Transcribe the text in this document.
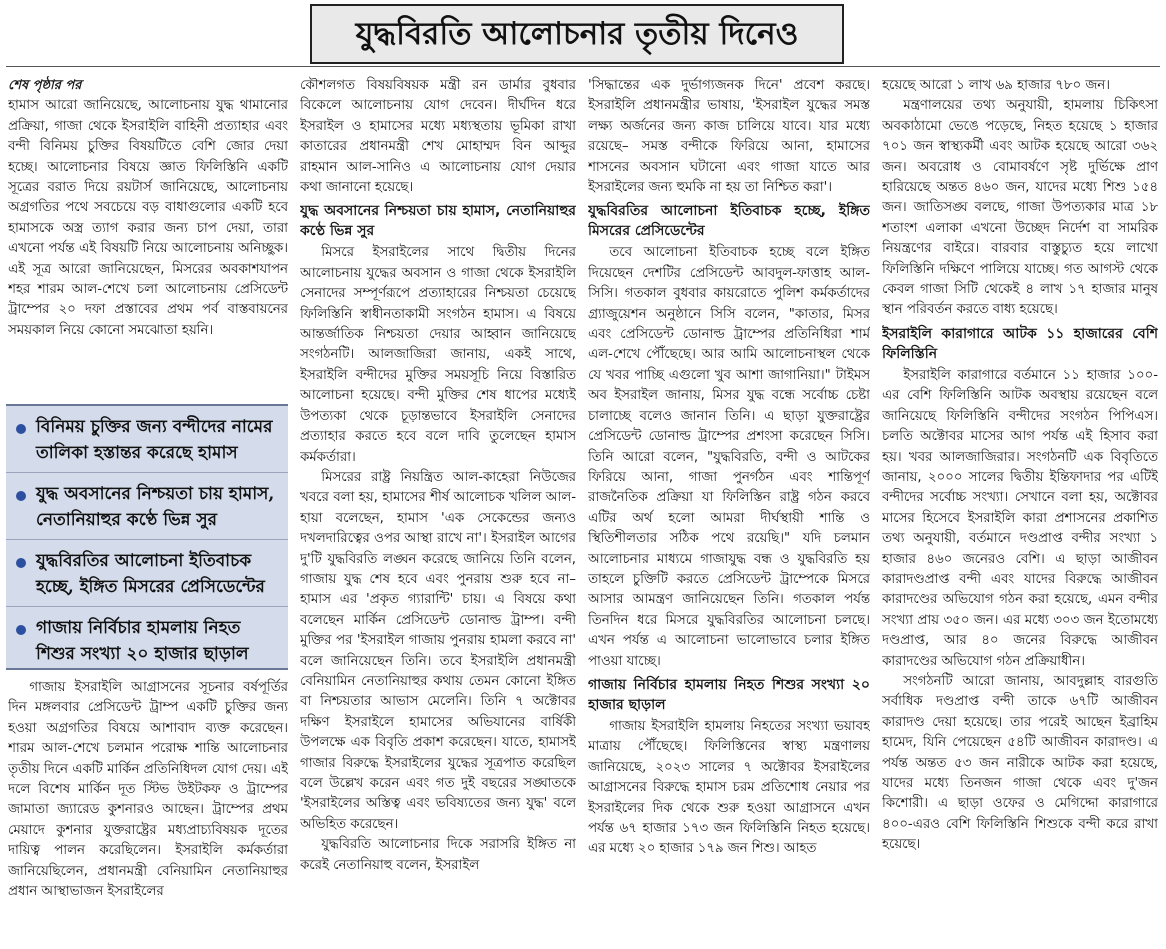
যুদ্ধবিরতি আলোচনার তৃতীয় দিনেও
শেষ পৃষ্ঠার পর

হামাস আরো জানিয়েছে, আলোচনায় যুদ্ধ থামানোর প্রক্রিয়া, গাজা থেকে ইসরাইলি বাহিনী প্রত্যাহার এবং বন্দী বিনিময় চুক্তির বিষয়টিতে বেশি জোর দেয়া হচ্ছে। আলোচনার বিষয়ে জ্ঞাত ফিলিস্তিনি একটি সূত্রের বরাত দিয়ে রয়টার্স জানিয়েছে, আলোচনায় অগ্রগতির পথে সবচেয়ে বড় বাধাগুলোর একটি হবে হামাসকে অস্ত্র ত্যাগ করার জন্য চাপ দেয়া, তারা এখনো পর্যন্ত এই বিষয়টি নিয়ে আলোচনায় অনিচ্ছুক। এই সূত্র আরো জানিয়েছেন, মিসরের অবকাশযাপন শহর শারম আল-শেখে চলা আলোচনায় প্রেসিডেন্ট ট্রাম্পের ২০ দফা প্রস্তাবের প্রথম পর্ব বাস্তবায়নের সময়কাল নিয়ে কোনো সমঝোতা হয়নি।

বিনিময় চুক্তির জন্য বন্দীদের নামের তালিকা হস্তান্তর করেছে হামাস
যুদ্ধ অবসানের নিশ্চয়তা চায় হামাস, নেতানিয়াহুর কণ্ঠে ভিন্ন সুর
যুদ্ধবিরতির আলোচনা ইতিবাচক হচ্ছে, ইঙ্গিত মিসরের প্রেসিডেন্টের
গাজায় নির্বিচার হামলায় নিহত শিশুর সংখ্যা ২০ হাজার ছাড়াল

গাজায় ইসরাইলি আগ্রাসনের সূচনার বর্ষপূর্তির দিন মঙ্গলবার প্রেসিডেন্ট ট্রাম্প একটি চুক্তির জন্য হওয়া অগ্রগতির বিষয়ে আশাবাদ ব্যক্ত করেছেন। শারম আল-শেখে চলমান পরোক্ষ শান্তি আলোচনার তৃতীয় দিনে একটি মার্কিন প্রতিনিধিদল যোগ দেয়। এই দলে বিশেষ মার্কিন দূত স্টিভ উইটকফ ও ট্রাম্পের জামাতা জ্যারেড কুশনারও আছেন। ট্রাম্পের প্রথম মেয়াদে কুশনার যুক্তরাষ্ট্রের মধ্যপ্রাচ্যবিষয়ক দূতের দায়িত্ব পালন করেছিলেন। ইসরাইলি কর্মকর্তারা জানিয়েছিলেন, প্রধানমন্ত্রী বেনিয়ামিন নেতানিয়াহুর প্রধান আস্থাভাজন ইসরাইলের

কৌশলগত বিষয়বিষয়ক মন্ত্রী রন ডার্মার বুধবার বিকেলে আলোচনায় যোগ দেবেন। দীর্ঘদিন ধরে ইসরাইল ও হামাসের মধ্যে মধ্যস্থতায় ভূমিকা রাখা কাতারের প্রধানমন্ত্রী শেখ মোহাম্মদ বিন আব্দুর রাহমান আল-সানিও এ আলোচনায় যোগ দেয়ার কথা জানানো হয়েছে।

যুদ্ধ অবসানের নিশ্চয়তা চায় হামাস, নেতানিয়াহুর কণ্ঠে ভিন্ন সুর

মিসরে ইসরাইলের সাথে দ্বিতীয় দিনের আলোচনায় যুদ্ধের অবসান ও গাজা থেকে ইসরাইলি সেনাদের সম্পূর্ণরূপে প্রত্যাহারের নিশ্চয়তা চেয়েছে ফিলিস্তিনি স্বাধীনতাকামী সংগঠন হামাস। এ বিষয়ে আন্তর্জাতিক নিশ্চয়তা দেয়ার আহ্বান জানিয়েছে সংগঠনটি। আলজাজিরা জানায়, একই সাথে, ইসরাইলি বন্দীদের মুক্তির সময়সূচি নিয়ে বিস্তারিত আলোচনা হয়েছে। বন্দী মুক্তির শেষ ধাপের মধ্যেই উপত্যকা থেকে চূড়ান্তভাবে ইসরাইলি সেনাদের প্রত্যাহার করতে হবে বলে দাবি তুলেছেন হামাস কর্মকর্তারা।

মিসরের রাষ্ট্র নিয়ন্ত্রিত আল-কাহেরা নিউজের খবরে বলা হয়, হামাসের শীর্ষ আলোচক খলিল আল-হায়া বলেছেন, হামাস 'এক সেকেন্ডের জন্যও দখলদারিত্বের ওপর আস্থা রাখে না'। ইসরাইল আগের দু'টি যুদ্ধবিরতি লঙ্ঘন করেছে জানিয়ে তিনি বলেন, গাজায় যুদ্ধ শেষ হবে এবং পুনরায় শুরু হবে না– হামাস এর 'প্রকৃত গ্যারান্টি' চায়। এ বিষয়ে কথা বলেছেন মার্কিন প্রেসিডেন্ট ডোনাল্ড ট্রাম্প। বন্দী মুক্তির পর 'ইসরাইল গাজায় পুনরায় হামলা করবে না' বলে জানিয়েছেন তিনি। তবে ইসরাইলি প্রধানমন্ত্রী বেনিয়ামিন নেতানিয়াহুর কথায় তেমন কোনো ইঙ্গিত বা নিশ্চয়তার আভাস মেলেনি। তিনি ৭ অক্টোবর দক্ষিণ ইসরাইলে হামাসের অভিযানের বার্ষিকী উপলক্ষে এক বিবৃতি প্রকাশ করেছেন। যাতে, হামাসই গাজার বিরুদ্ধে ইসরাইলের যুদ্ধের সূত্রপাত করেছিল বলে উল্লেখ করেন এবং গত দুই বছরের সঙ্ঘাতকে 'ইসরাইলের অস্তিত্ব এবং ভবিষ্যতের জন্য যুদ্ধ' বলে অভিহিত করেছেন।

যুদ্ধবিরতি আলোচনার দিকে সরাসরি ইঙ্গিত না করেই নেতানিয়াহু বলেন, ইসরাইল

'সিদ্ধান্তের এক দুর্ভাগ্যজনক দিনে' প্রবেশ করছে। ইসরাইলি প্রধানমন্ত্রীর ভাষায়, 'ইসরাইল যুদ্ধের সমস্ত লক্ষ্য অর্জনের জন্য কাজ চালিয়ে যাবে। যার মধ্যে রয়েছে– সমস্ত বন্দীকে ফিরিয়ে আনা, হামাসের শাসনের অবসান ঘটানো এবং গাজা যাতে আর ইসরাইলের জন্য হুমকি না হয় তা নিশ্চিত করা'।

যুদ্ধবিরতির আলোচনা ইতিবাচক হচ্ছে, ইঙ্গিত মিসরের প্রেসিডেন্টের

তবে আলোচনা ইতিবাচক হচ্ছে বলে ইঙ্গিত দিয়েছেন দেশটির প্রেসিডেন্ট আবদুল-ফাত্তাহ আল-সিসি। গতকাল বুধবার কায়রোতে পুলিশ কর্মকর্তাদের গ্র্যাজুয়েশন অনুষ্ঠানে সিসি বলেন, "কাতার, মিসর এবং প্রেসিডেন্ট ডোনাল্ড ট্রাম্পের প্রতিনিধিরা শার্ম এল-শেখে পৌঁছেছে। আর আমি আলোচনাস্থল থেকে যে খবর পাচ্ছি এগুলো খুব আশা জাগানিয়া।" টাইমস অব ইসরাইল জানায়, মিসর যুদ্ধ বন্ধে সর্বোচ্চ চেষ্টা চালাচ্ছে বলেও জানান তিনি। এ ছাড়া যুক্তরাষ্ট্রের প্রেসিডেন্ট ডোনাল্ড ট্রাম্পের প্রশংসা করেছেন সিসি। তিনি আরো বলেন, "যুদ্ধবিরতি, বন্দী ও আটকের ফিরিয়ে আনা, গাজা পুনর্গঠন এবং শান্তিপূর্ণ রাজনৈতিক প্রক্রিয়া যা ফিলিস্তিন রাষ্ট্র গঠন করবে এটির অর্থ হলো আমরা দীর্ঘস্থায়ী শান্তি ও স্থিতিশীলতার সঠিক পথে রয়েছি।" যদি চলমান আলোচনার মাধ্যমে গাজাযুদ্ধ বন্ধ ও যুদ্ধবিরতি হয় তাহলে চুক্তিটি করতে প্রেসিডেন্ট ট্রাম্পেকে মিসরে আসার আমন্ত্রণ জানিয়েছেন তিনি। গতকাল পর্যন্ত তিনদিন ধরে মিসরে যুদ্ধবিরতির আলোচনা চলছে। এখন পর্যন্ত এ আলোচনা ভালোভাবে চলার ইঙ্গিত পাওয়া যাচ্ছে।

গাজায় নির্বিচার হামলায় নিহত শিশুর সংখ্যা ২০ হাজার ছাড়াল

গাজায় ইসরাইলি হামলায় নিহতের সংখ্যা ভয়াবহ মাত্রায় পৌঁছেছে। ফিলিস্তিনের স্বাস্থ্য মন্ত্রণালয় জানিয়েছে, ২০২৩ সালের ৭ অক্টোবর ইসরাইলের আগ্রাসনের বিরুদ্ধে হামাস চরম প্রতিশোধ নেয়ার পর ইসরাইলের দিক থেকে শুরু হওয়া আগ্রাসনে এখন পর্যন্ত ৬৭ হাজার ১৭৩ জন ফিলিস্তিনি নিহত হয়েছে। এর মধ্যে ২০ হাজার ১৭৯ জন শিশু। আহত

হয়েছে আরো ১ লাখ ৬৯ হাজার ৭৮০ জন।

মন্ত্রণালয়ের তথ্য অনুযায়ী, হামলায় চিকিৎসা অবকাঠামো ভেঙে পড়েছে, নিহত হয়েছে ১ হাজার ৭০১ জন স্বাস্থ্যকর্মী এবং আটক হয়েছে আরো ৩৬২ জন। অবরোধ ও বোমাবর্ষণে সৃষ্ট দুর্ভিক্ষে প্রাণ হারিয়েছে অন্তত ৪৬০ জন, যাদের মধ্যে শিশু ১৫৪ জন। জাতিসঙ্ঘ বলছে, গাজা উপত্যকার মাত্র ১৮ শতাংশ এলাকা এখনো উচ্ছেদ নির্দেশ বা সামরিক নিয়ন্ত্রণের বাইরে। বারবার বাস্তুচ্যুত হয়ে লাখো ফিলিস্তিনি দক্ষিণে পালিয়ে যাচ্ছে। গত আগস্ট থেকে কেবল গাজা সিটি থেকেই ৪ লাখ ১৭ হাজার মানুষ স্থান পরিবর্তন করতে বাধ্য হয়েছে।

ইসরাইলি কারাগারে আটক ১১ হাজারের বেশি ফিলিস্তিনি

ইসরাইলি কারাগারে বর্তমানে ১১ হাজার ১০০-এর বেশি ফিলিস্তিনি আটক অবস্থায় রয়েছেন বলে জানিয়েছে ফিলিস্তিনি বন্দীদের সংগঠন পিপিএস। চলতি অক্টোবর মাসের আগ পর্যন্ত এই হিসাব করা হয়। খবর আলজাজিরার। সংগঠনটি এক বিবৃতিতে জানায়, ২০০০ সালের দ্বিতীয় ইন্তিফাদার পর এটিই বন্দীদের সর্বোচ্চ সংখ্যা। সেখানে বলা হয়, অক্টোবর মাসের হিসেবে ইসরাইলি কারা প্রশাসনের প্রকাশিত তথ্য অনুযায়ী, বর্তমানে দণ্ডপ্রাপ্ত বন্দীর সংখ্যা ১ হাজার ৪৬০ জনেরও বেশি। এ ছাড়া আজীবন কারাদণ্ডপ্রাপ্ত বন্দী এবং যাদের বিরুদ্ধে আজীবন কারাদণ্ডের অভিযোগ গঠন করা হয়েছে, এমন বন্দীর সংখ্যা প্রায় ৩৫০ জন। এর মধ্যে ৩০৩ জন ইতোমধ্যে দণ্ডপ্রাপ্ত, আর ৪০ জনের বিরুদ্ধে আজীবন কারাদণ্ডের অভিযোগ গঠন প্রক্রিয়াধীন।

সংগঠনটি আরো জানায়, আবদুল্লাহ বারগুতি সর্বাধিক দণ্ডপ্রাপ্ত বন্দী তাকে ৬৭টি আজীবন কারাদণ্ড দেয়া হয়েছে। তার পরেই আছেন ইব্রাহিম হামেদ, যিনি পেয়েছেন ৫৪টি আজীবন কারাদণ্ড। এ পর্যন্ত অন্তত ৫৩ জন নারীকে আটক করা হয়েছে, যাদের মধ্যে তিনজন গাজা থেকে এবং দু'জন কিশোরী। এ ছাড়া ওফের ও মেগিদ্দো কারাগারে ৪০০-এরও বেশি ফিলিস্তিনি শিশুকে বন্দী করে রাখা হয়েছে।
